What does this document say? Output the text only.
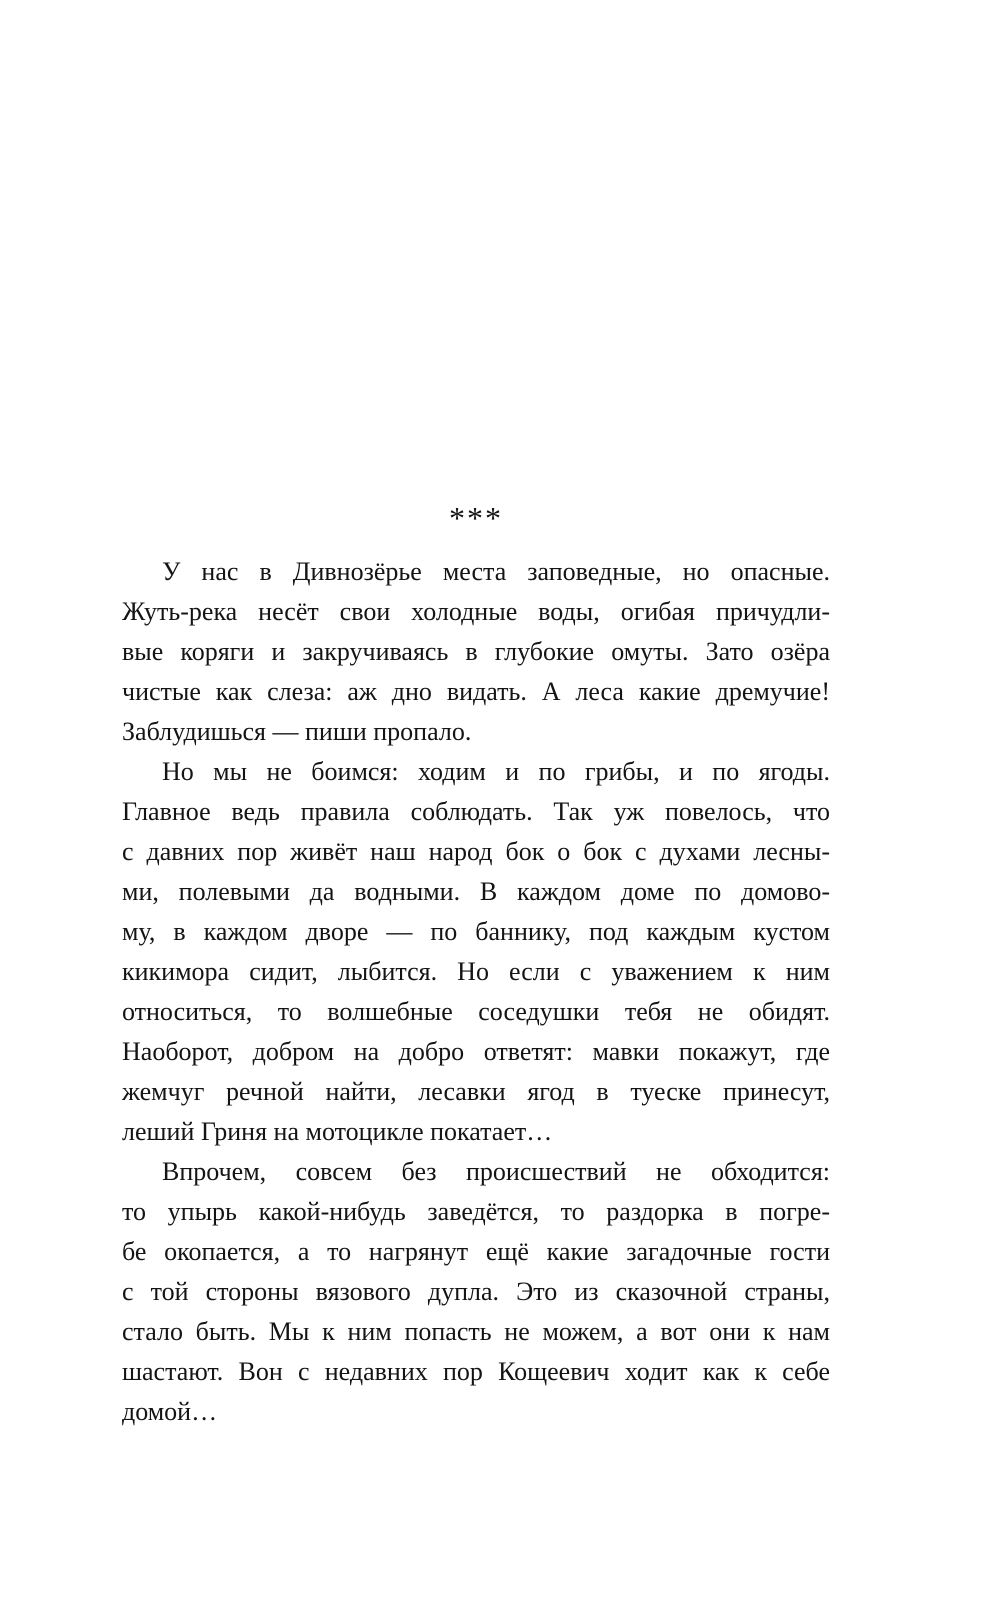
***
У нас в Дивнозёрье места заповедные, но опасные.
Жуть-река несёт свои холодные воды, огибая причудли-
вые коряги и закручиваясь в глубокие омуты. Зато озёра
чистые как слеза: аж дно видать. А леса какие дремучие!
Заблудишься — пиши пропало.
Но мы не боимся: ходим и по грибы, и по ягоды.
Главное ведь правила соблюдать. Так уж повелось, что
с давних пор живёт наш народ бок о бок с духами лесны-
ми, полевыми да водными. В каждом доме по домово-
му, в каждом дворе — по баннику, под каждым кустом
кикимора сидит, лыбится. Но если с уважением к ним
относиться, то волшебные соседушки тебя не обидят.
Наоборот, добром на добро ответят: мавки покажут, где
жемчуг речной найти, лесавки ягод в туеске принесут,
леший Гриня на мотоцикле покатает…
Впрочем, совсем без происшествий не обходится:
то упырь какой-нибудь заведётся, то раздорка в погре-
бе окопается, а то нагрянут ещё какие загадочные гости
с той стороны вязового дупла. Это из сказочной страны,
стало быть. Мы к ним попасть не можем, а вот они к нам
шастают. Вон с недавних пор Кощеевич ходит как к себе
домой…
